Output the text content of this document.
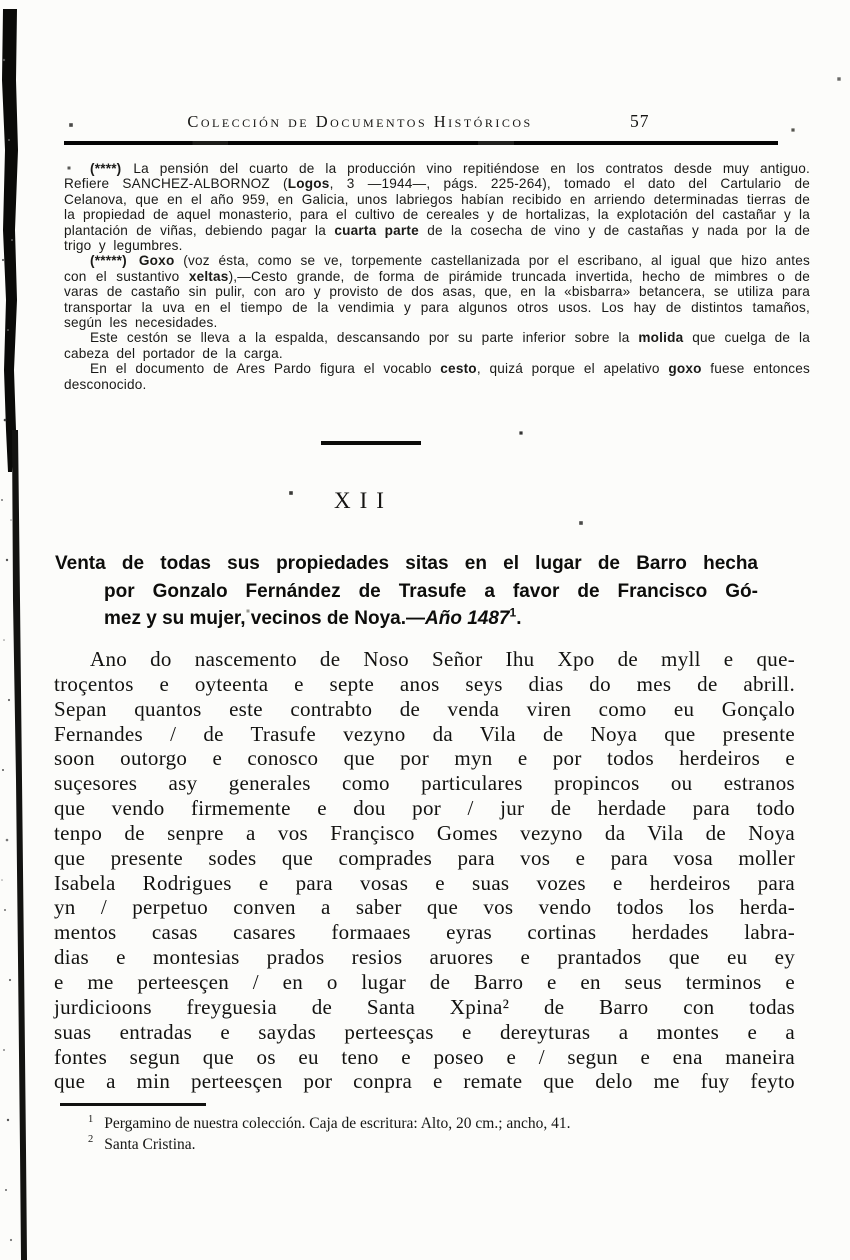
Colección de Documentos Históricos	57

(****) La pensión del cuarto de la producción vino repitiéndose en los contratos desde muy antiguo. Refiere SANCHEZ-ALBORNOZ (Logos, 3 —1944—, págs. 225-264), tomado el dato del Cartulario de Celanova, que en el año 959, en Galicia, unos labriegos habían recibido en arriendo determinadas tierras de la propiedad de aquel monasterio, para el cultivo de cereales y de hortalizas, la explotación del castañar y la plantación de viñas, debiendo pagar la cuarta parte de la cosecha de vino y de castañas y nada por la de trigo y legumbres.

(*****) Goxo (voz ésta, como se ve, torpemente castellanizada por el escribano, al igual que hizo antes con el sustantivo xeltas),—Cesto grande, de forma de pirámide truncada invertida, hecho de mimbres o de varas de castaño sin pulir, con aro y provisto de dos asas, que, en la «bisbarra» betancera, se utiliza para transportar la uva en el tiempo de la vendimia y para algunos otros usos. Los hay de distintos tamaños, según les necesidades.

Este cestón se lleva a la espalda, descansando por su parte inferior sobre la molida que cuelga de la cabeza del portador de la carga.

En el documento de Ares Pardo figura el vocablo cesto, quizá porque el apelativo goxo fuese entonces desconocido.

XII
Venta de todas sus propiedades sitas en el lugar de Barro hecha
por Gonzalo Fernández de Trasufe a favor de Francisco Gó-
mez y su mujer, vecinos de Noya.—Año 1487$^1$.
Ano do nascemento de Noso Señor Ihu Xpo de myll e que-
troçentos e oyteenta e septe anos seys dias do mes de abrill.
Sepan quantos este contrabto de venda viren como eu Gonçalo
Fernandes / de Trasufe vezyno da Vila de Noya que presente
soon outorgo e conosco que por myn e por todos herdeiros e
suçesores asy generales como particulares propincos ou estranos
que vendo firmemente e dou por / jur de herdade para todo
tenpo de senpre a vos Françisco Gomes vezyno da Vila de Noya
que presente sodes que comprades para vos e para vosa moller
Isabela Rodrigues e para vosas e suas vozes e herdeiros para
yn / perpetuo conven a saber que vos vendo todos los herda-
mentos casas casares formaaes eyras cortinas herdades labra-
dias e montesias prados resios aruores e prantados que eu ey
e me perteesçen / en o lugar de Barro e en seus terminos e
jurdicioons freyguesia de Santa Xpina² de Barro con todas
suas entradas e saydas perteesças e dereyturas a montes e a
fontes segun que os eu teno e poseo e / segun e ena maneira
que a min perteesçen por conpra e remate que delo me fuy feyto
$^1$ Pergamino de nuestra colección. Caja de escritura: Alto, 20 cm.; ancho, 41.
$^2$ Santa Cristina.
